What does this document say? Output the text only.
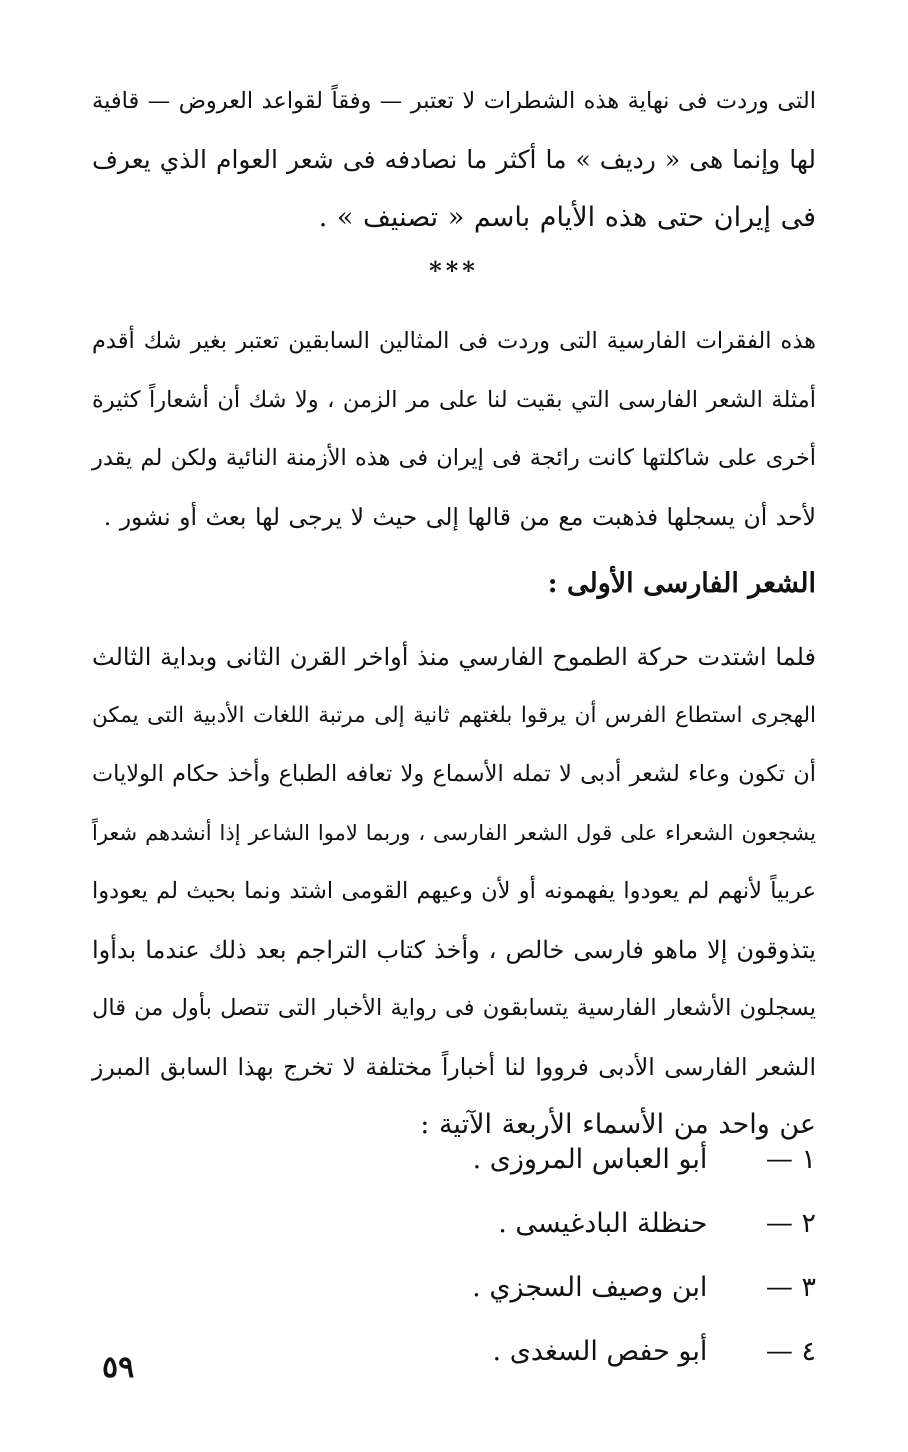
التى وردت فى نهاية هذه الشطرات لا تعتبر — وفقاً لقواعد العروض — قافية
لها وإنما هى « رديف » ما أكثر ما نصادفه فى شعر العوام الذي يعرف
فى إيران حتى هذه الأيام باسم « تصنيف » .
***
هذه الفقرات الفارسية التى وردت فى المثالين السابقين تعتبر بغير شك أقدم
أمثلة الشعر الفارسى التي بقيت لنا على مر الزمن ، ولا شك أن أشعاراً كثيرة
أخرى على شاكلتها كانت رائجة فى إيران فى هذه الأزمنة النائية ولكن لم يقدر
لأحد أن يسجلها فذهبت مع من قالها إلى حيث لا يرجى لها بعث أو نشور .
الشعر الفارسى الأولى :
فلما اشتدت حركة الطموح الفارسي منذ أواخر القرن الثانى وبداية الثالث
الهجرى استطاع الفرس أن يرقوا بلغتهم ثانية إلى مرتبة اللغات الأدبية التى يمكن
أن تكون وعاء لشعر أدبى لا تمله الأسماع ولا تعافه الطباع وأخذ حكام الولايات
يشجعون الشعراء على قول الشعر الفارسى ، وربما لاموا الشاعر إذا أنشدهم شعراً
عربياً لأنهم لم يعودوا يفهمونه أو لأن وعيهم القومى اشتد ونما بحيث لم يعودوا
يتذوقون إلا ماهو فارسى خالص ، وأخذ كتاب التراجم بعد ذلك عندما بدأوا
يسجلون الأشعار الفارسية يتسابقون فى رواية الأخبار التى تتصل بأول من قال
الشعر الفارسى الأدبى فرووا لنا أخباراً مختلفة لا تخرج بهذا السابق المبرز
عن واحد من الأسماء الأربعة الآتية :
١ — أبو العباس المروزى .
٢ — حنظلة البادغيسى .
٣ — ابن وصيف السجزي .
٤ — أبو حفص السغدى .
٥٩
